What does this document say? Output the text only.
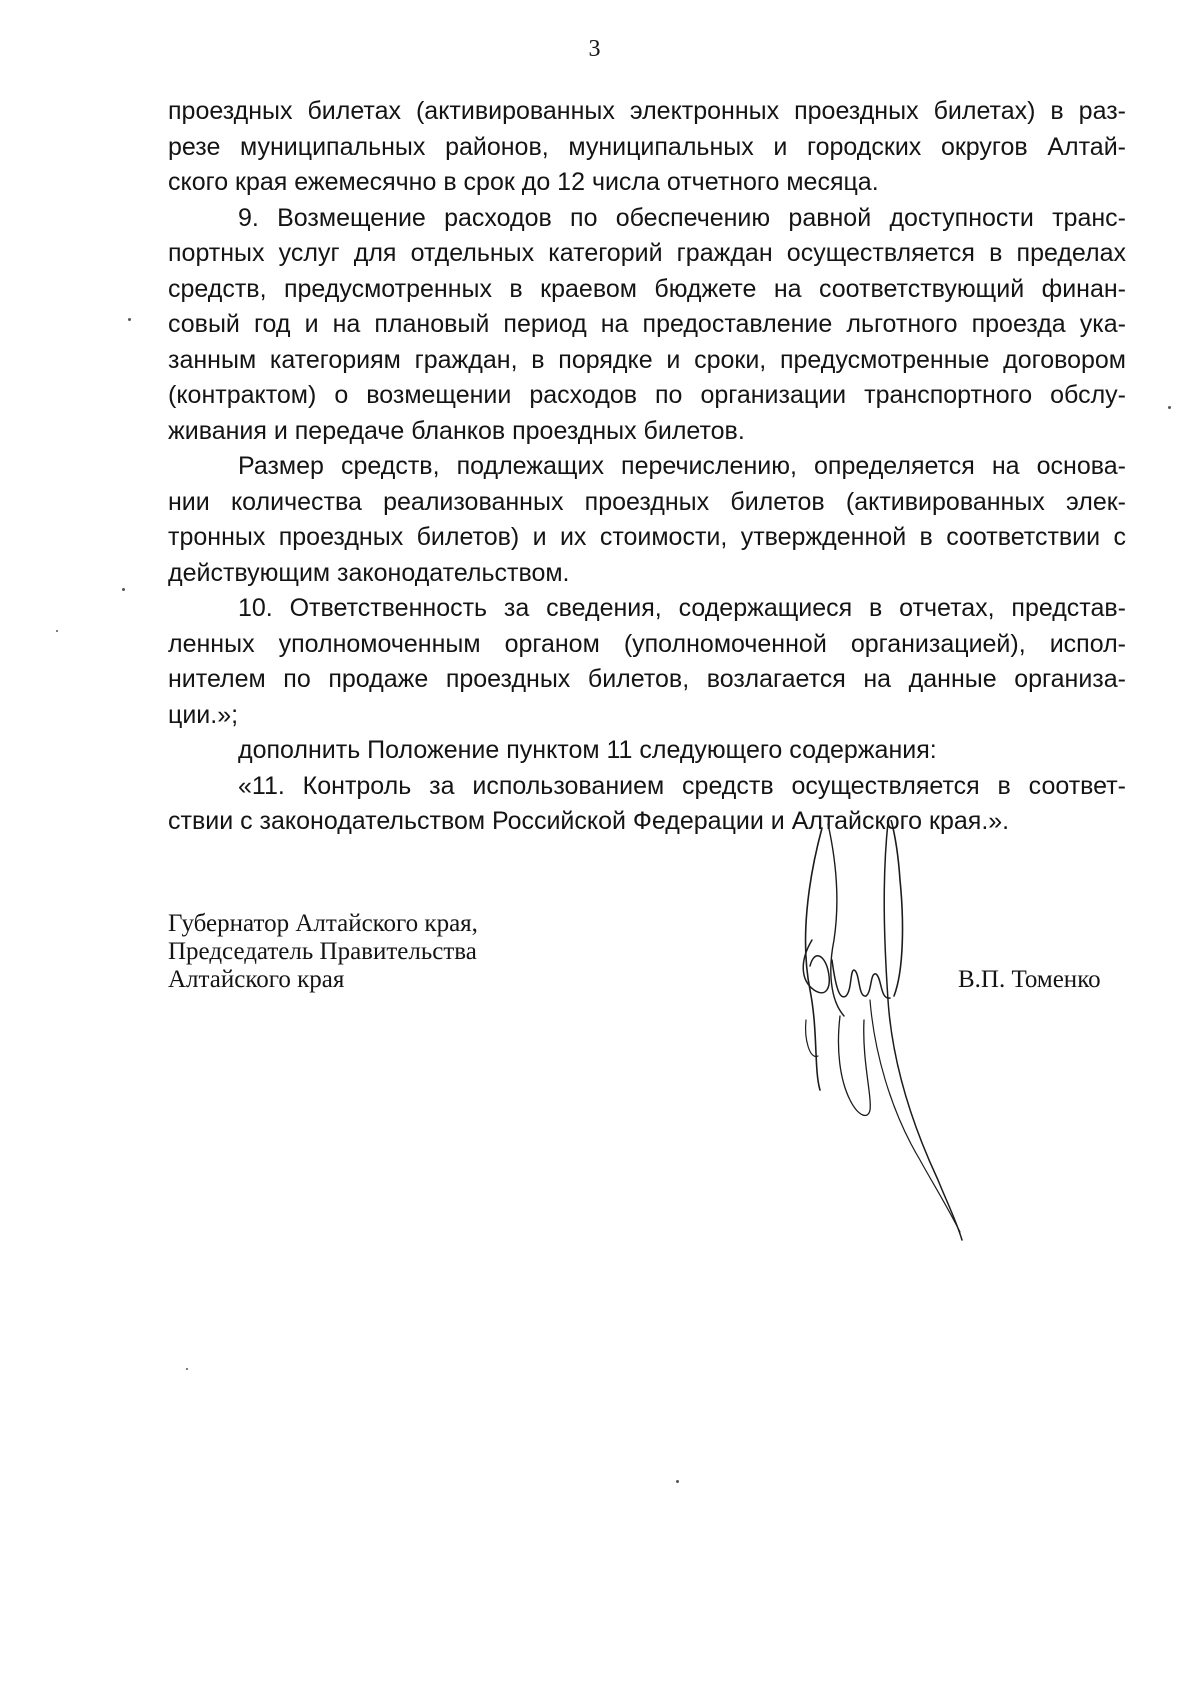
3
проездных билетах (активированных электронных проездных билетах) в раз-
резе муниципальных районов, муниципальных и городских округов Алтай-
ского края ежемесячно в срок до 12 числа отчетного месяца.
9. Возмещение расходов по обеспечению равной доступности транс-
портных услуг для отдельных категорий граждан осуществляется в пределах
средств, предусмотренных в краевом бюджете на соответствующий финан-
совый год и на плановый период на предоставление льготного проезда ука-
занным категориям граждан, в порядке и сроки, предусмотренные договором
(контрактом) о возмещении расходов по организации транспортного обслу-
живания и передаче бланков проездных билетов.
Размер средств, подлежащих перечислению, определяется на основа-
нии количества реализованных проездных билетов (активированных элек-
тронных проездных билетов) и их стоимости, утвержденной в соответствии с
действующим законодательством.
10. Ответственность за сведения, содержащиеся в отчетах, представ-
ленных уполномоченным органом (уполномоченной организацией), испол-
нителем по продаже проездных билетов, возлагается на данные организа-
ции.»;
дополнить Положение пунктом 11 следующего содержания:
«11. Контроль за использованием средств осуществляется в соответ-
ствии с законодательством Российской Федерации и Алтайского края.».
Губернатор Алтайского края,
Председатель Правительства
Алтайского края	В.П. Томенко
